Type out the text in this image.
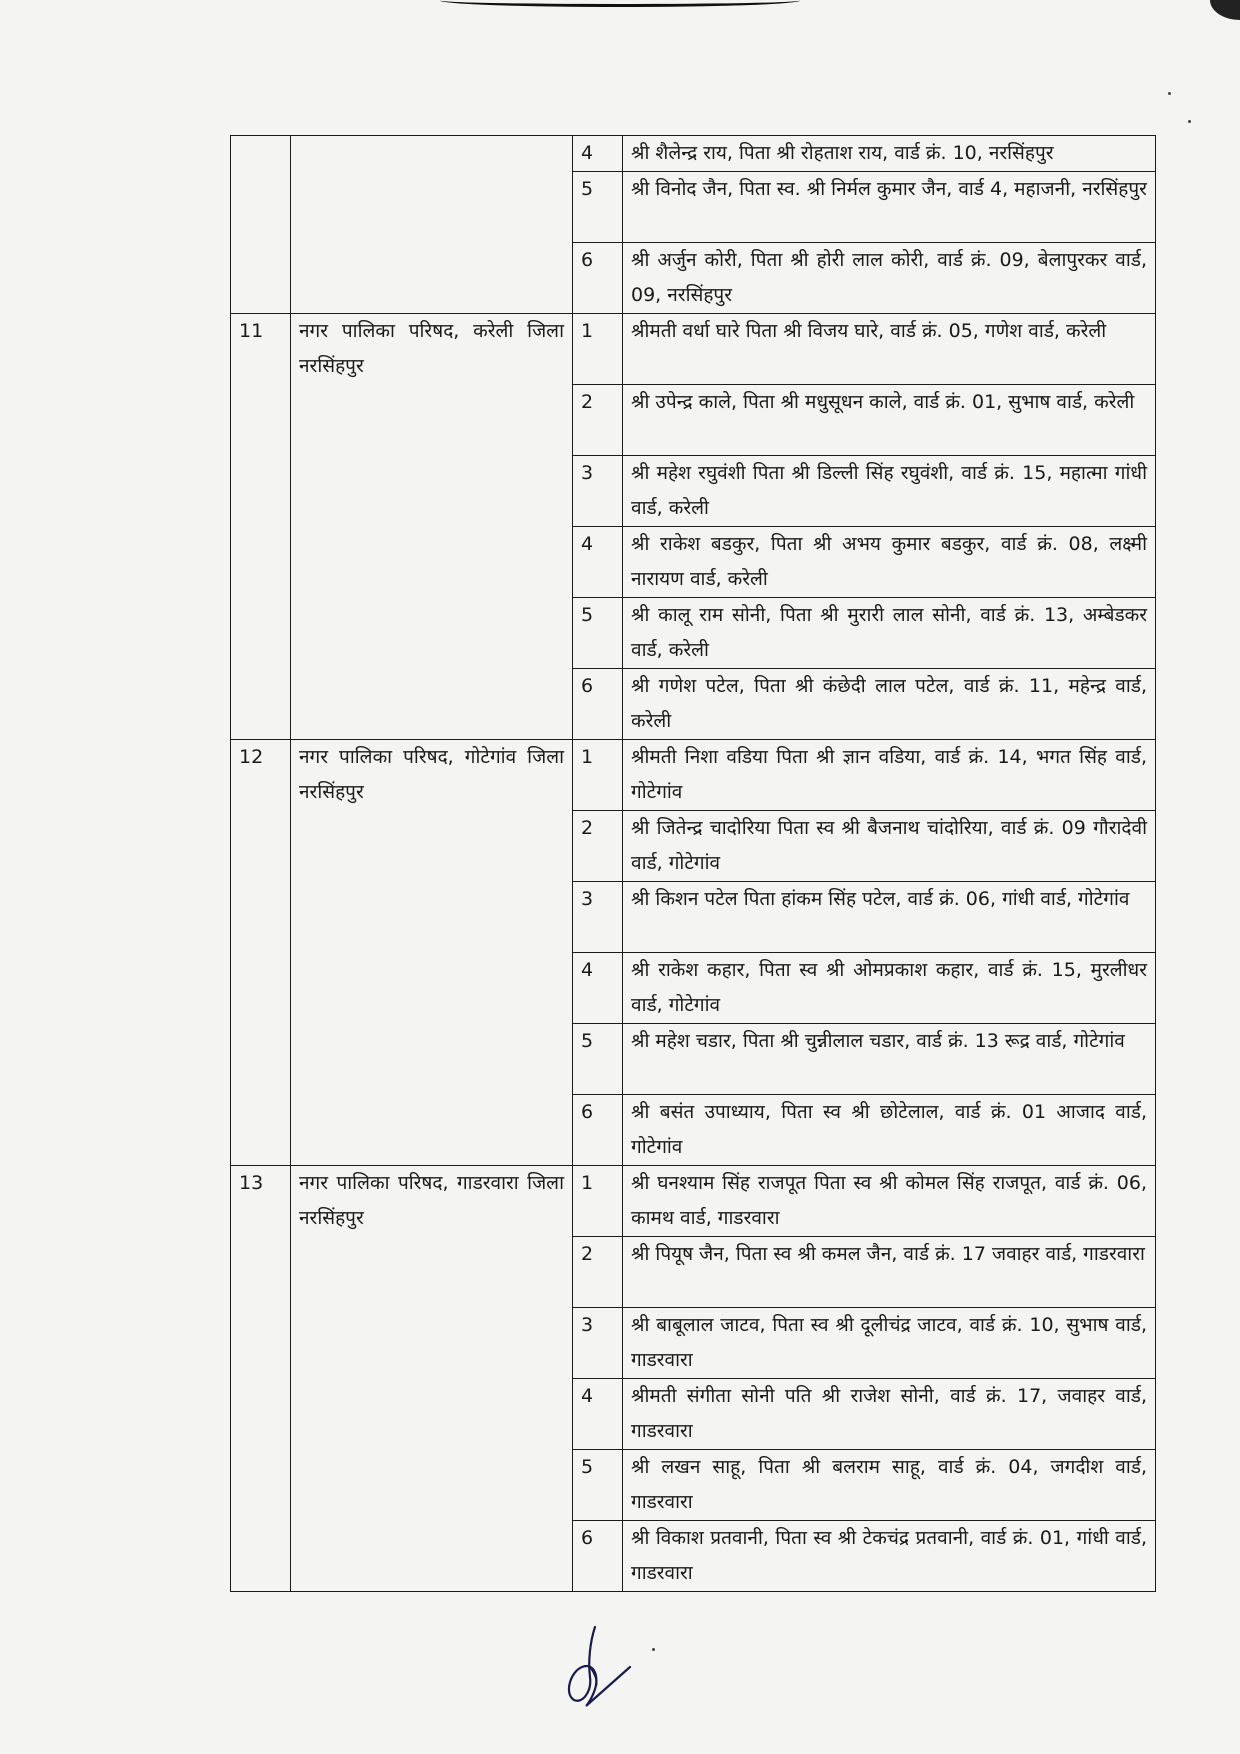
		4	श्री शैलेन्द्र राय, पिता श्री रोहताश राय, वार्ड क्रं. 10, नरसिंहपुर
		5	श्री विनोद जैन, पिता स्व. श्री निर्मल कुमार जैन, वार्ड 4, महाजनी, नरसिंहपुर
		6	श्री अर्जुन कोरी, पिता श्री होरी लाल कोरी, वार्ड क्रं. 09, बेलापुरकर वार्ड, 09, नरसिंहपुर
11	नगर पालिका परिषद, करेली जिला नरसिंहपुर	1	श्रीमती वर्धा घारे पिता श्री विजय घारे, वार्ड क्रं. 05, गणेश वार्ड, करेली
		2	श्री उपेन्द्र काले, पिता श्री मधुसूधन काले, वार्ड क्रं. 01, सुभाष वार्ड, करेली
		3	श्री महेश रघुवंशी पिता श्री डिल्ली सिंह रघुवंशी, वार्ड क्रं. 15, महात्मा गांधी वार्ड, करेली
		4	श्री राकेश बडकुर, पिता श्री अभय कुमार बडकुर, वार्ड क्रं. 08, लक्ष्मी नारायण वार्ड, करेली
		5	श्री कालू राम सोनी, पिता श्री मुरारी लाल सोनी, वार्ड क्रं. 13, अम्बेडकर वार्ड, करेली
		6	श्री गणेश पटेल, पिता श्री कंछेदी लाल पटेल, वार्ड क्रं. 11, महेन्द्र वार्ड, करेली
12	नगर पालिका परिषद, गोटेगांव जिला नरसिंहपुर	1	श्रीमती निशा वडिया पिता श्री ज्ञान वडिया, वार्ड क्रं. 14, भगत सिंह वार्ड, गोटेगांव
		2	श्री जितेन्द्र चादोरिया पिता स्व श्री बैजनाथ चांदोरिया, वार्ड क्रं. 09 गौरादेवी वार्ड, गोटेगांव
		3	श्री किशन पटेल पिता हांकम सिंह पटेल, वार्ड क्रं. 06, गांधी वार्ड, गोटेगांव
		4	श्री राकेश कहार, पिता स्व श्री ओमप्रकाश कहार, वार्ड क्रं. 15, मुरलीधर वार्ड, गोटेगांव
		5	श्री महेश चडार, पिता श्री चुन्नीलाल चडार, वार्ड क्रं. 13 रूद्र वार्ड, गोटेगांव
		6	श्री बसंत उपाध्याय, पिता स्व श्री छोटेलाल, वार्ड क्रं. 01 आजाद वार्ड, गोटेगांव
13	नगर पालिका परिषद, गाडरवारा जिला नरसिंहपुर	1	श्री घनश्याम सिंह राजपूत पिता स्व श्री कोमल सिंह राजपूत, वार्ड क्रं. 06, कामथ वार्ड, गाडरवारा
		2	श्री पियूष जैन, पिता स्व श्री कमल जैन, वार्ड क्रं. 17 जवाहर वार्ड, गाडरवारा
		3	श्री बाबूलाल जाटव, पिता स्व श्री दूलीचंद्र जाटव, वार्ड क्रं. 10, सुभाष वार्ड, गाडरवारा
		4	श्रीमती संगीता सोनी पति श्री राजेश सोनी, वार्ड क्रं. 17, जवाहर वार्ड, गाडरवारा
		5	श्री लखन साहू, पिता श्री बलराम साहू, वार्ड क्रं. 04, जगदीश वार्ड, गाडरवारा
		6	श्री विकाश प्रतवानी, पिता स्व श्री टेकचंद्र प्रतवानी, वार्ड क्रं. 01, गांधी वार्ड, गाडरवारा
